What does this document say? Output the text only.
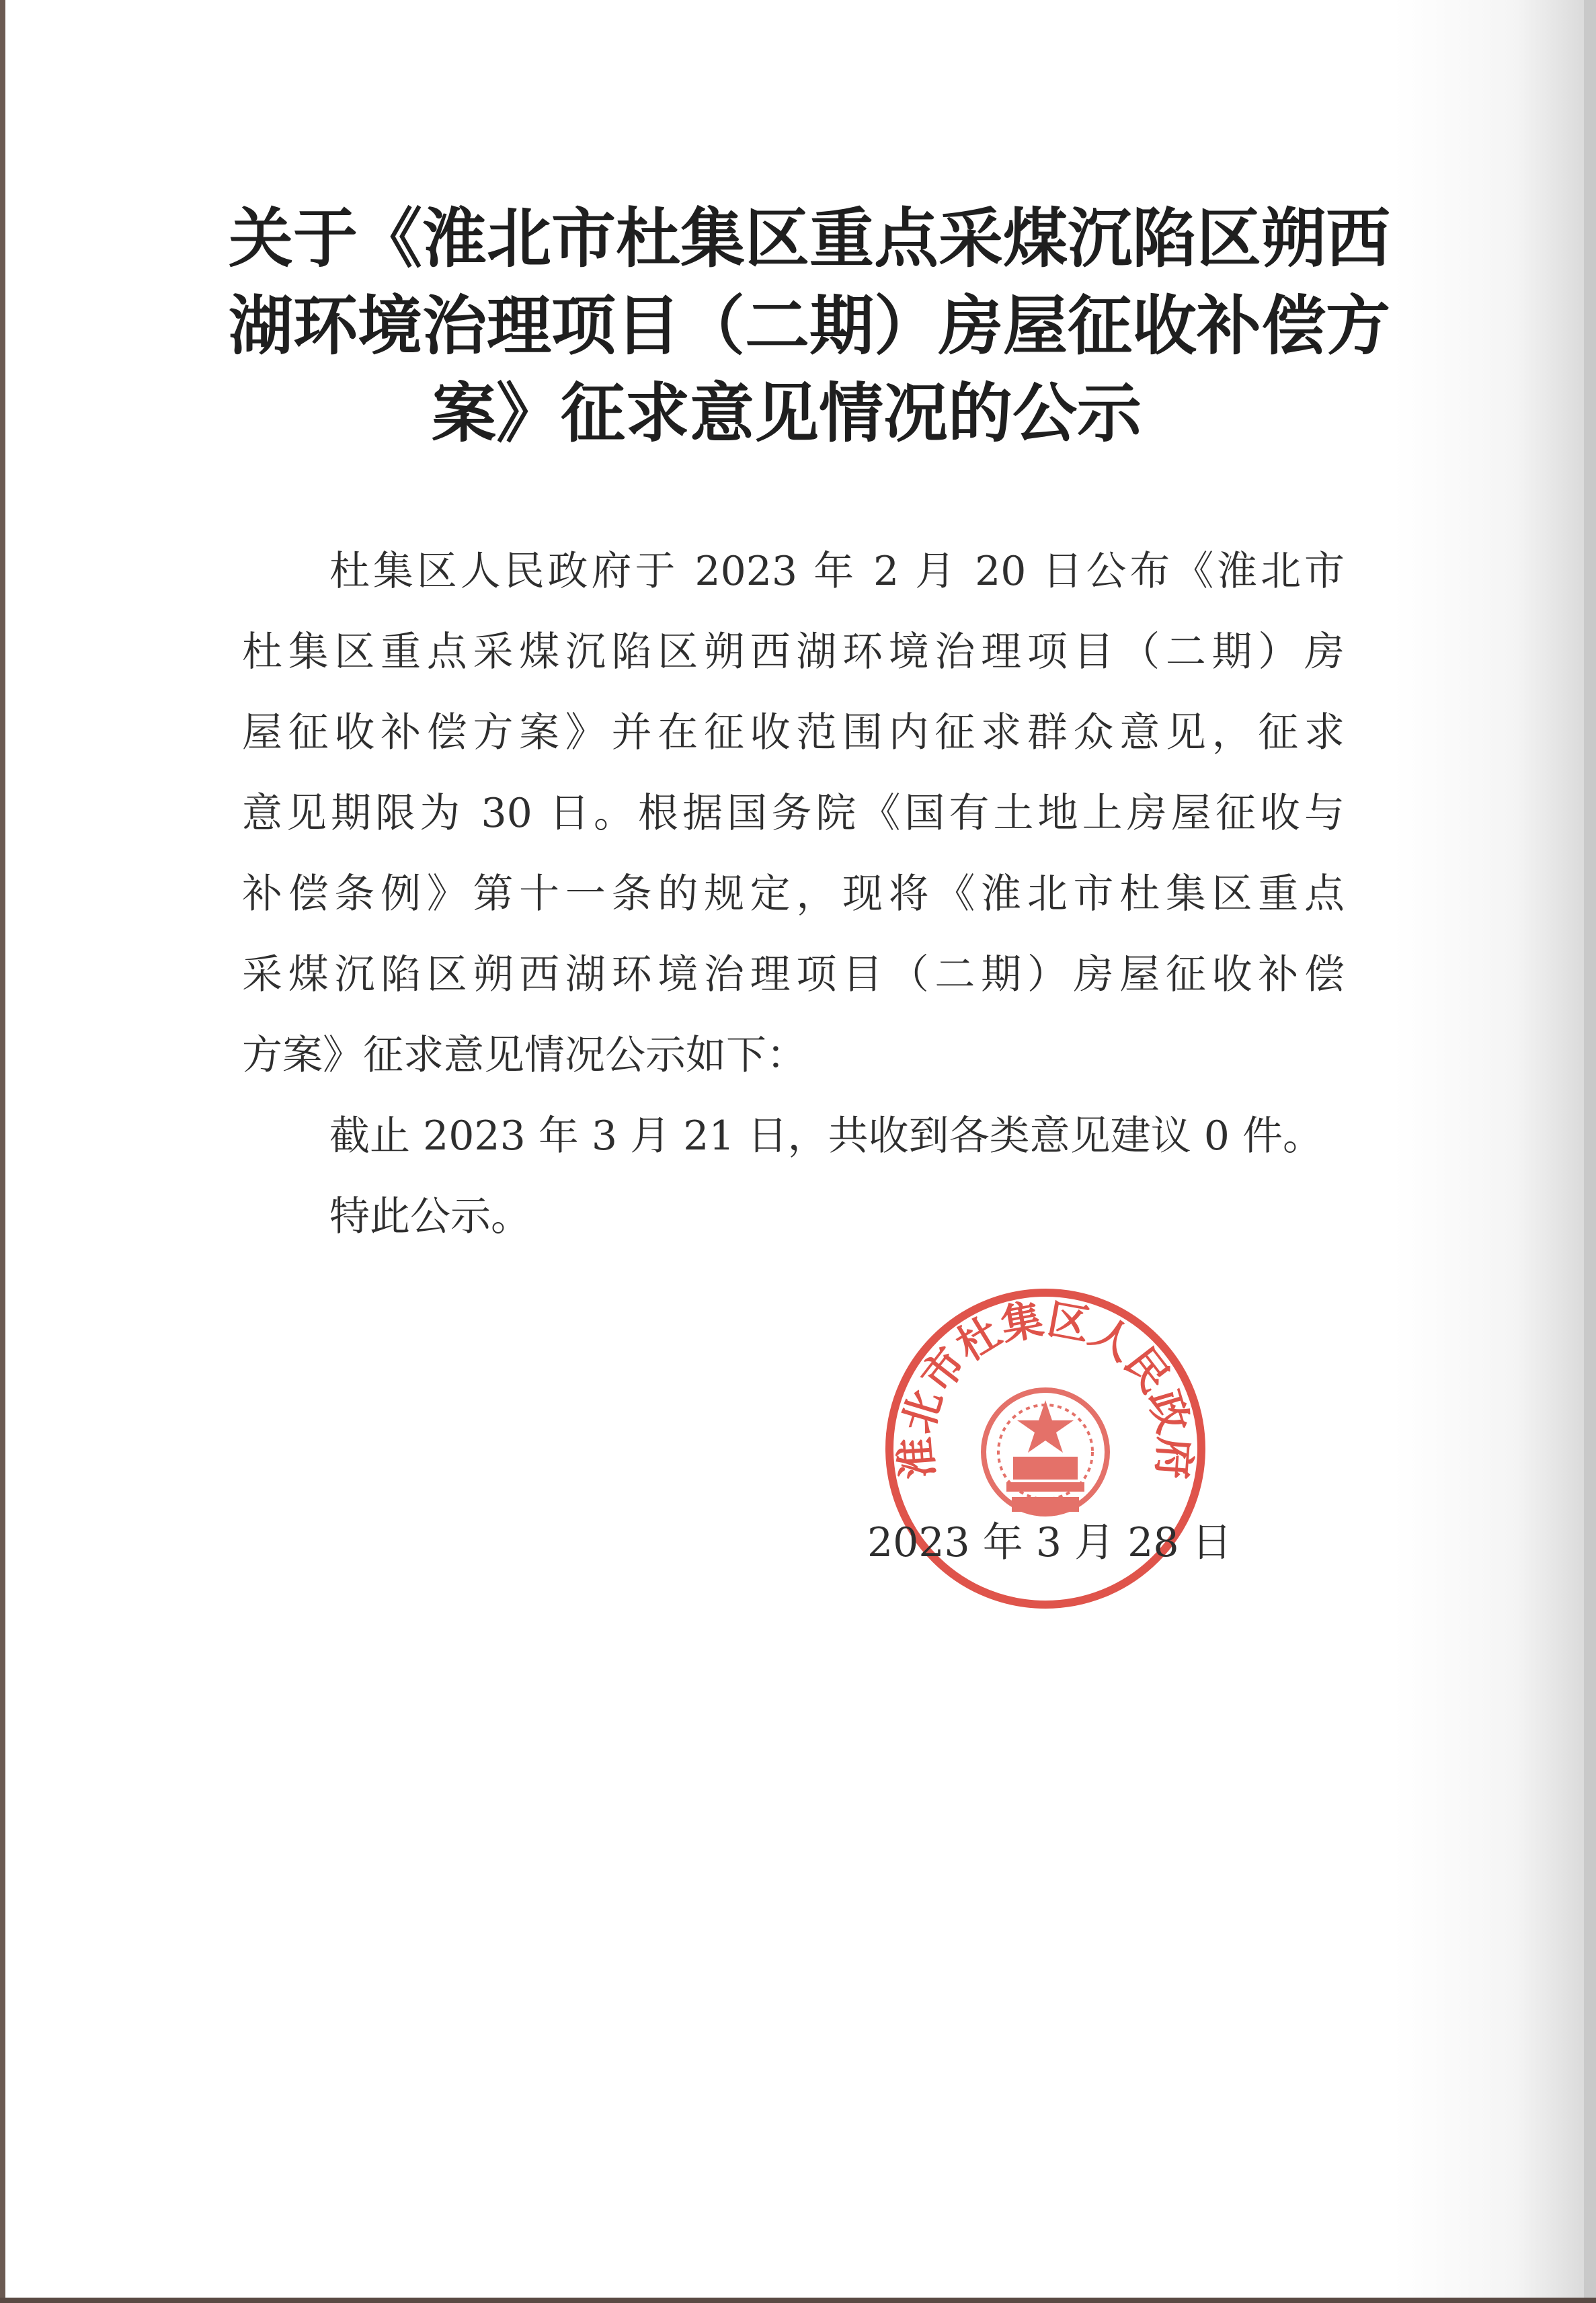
关于《淮北市杜集区重点采煤沉陷区朔西
湖环境治理项目（二期）房屋征收补偿方
案》征求意见情况的公示
杜集区人民政府于 2023 年 2 月 20 日公布《淮北市
杜集区重点采煤沉陷区朔西湖环境治理项目（二期）房
屋征收补偿方案》并在征收范围内征求群众意见，征求
意见期限为 30 日。根据国务院《国有土地上房屋征收与
补偿条例》第十一条的规定，现将《淮北市杜集区重点
采煤沉陷区朔西湖环境治理项目（二期）房屋征收补偿
方案》征求意见情况公示如下：
截止 2023 年 3 月 21 日，共收到各类意见建议 0 件。
特此公示。
淮北市杜集区人民政府
2023 年 3 月 28 日
